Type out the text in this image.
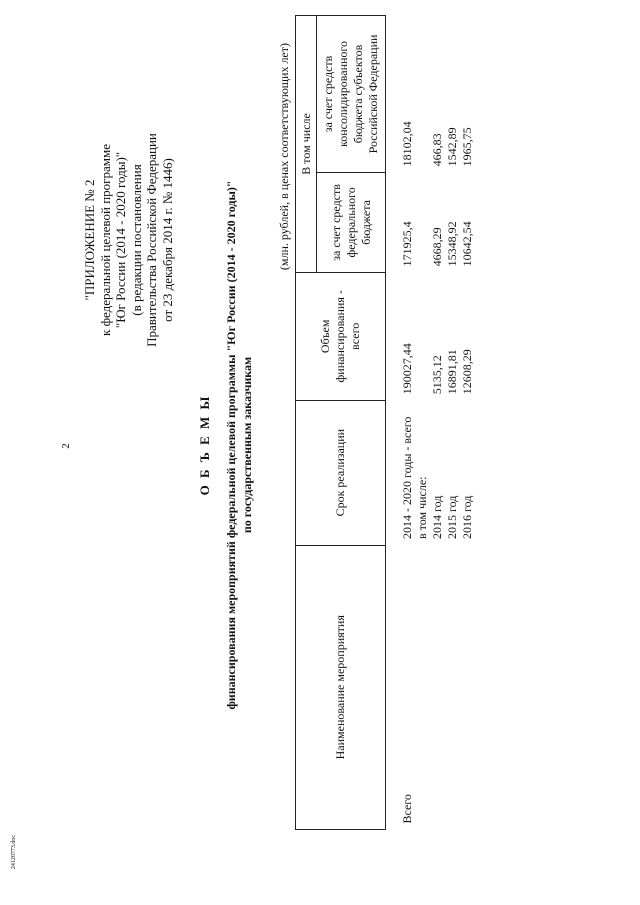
2
24120773.doc
"ПРИЛОЖЕНИЕ № 2 к федеральной целевой программе "Юг России (2014 - 2020 годы)" (в редакции постановления Правительства Российской Федерации от 23 декабря 2014 г. № 1446)
О Б Ъ Е М Ы финансирования мероприятий федеральной целевой программы "Юг России (2014 - 2020 годы)" по государственным заказчикам
(млн. рублей, в ценах соответствующих лет)
Наименование мероприятия	Срок реализации	Объем финансирования - всего	В том числе	
			за счет средств федерального бюджета	за счет средств консолидированного бюджета субъектов Российской Федерации
Всего	2014 - 2020 годы - всего	190027,44	171925,4	18102,04
	в том числе:			
	2014 год	5135,12	4668,29	466,83
	2015 год	16891,81	15348,92	1542,89
	2016 год	12608,29	10642,54	1965,75
